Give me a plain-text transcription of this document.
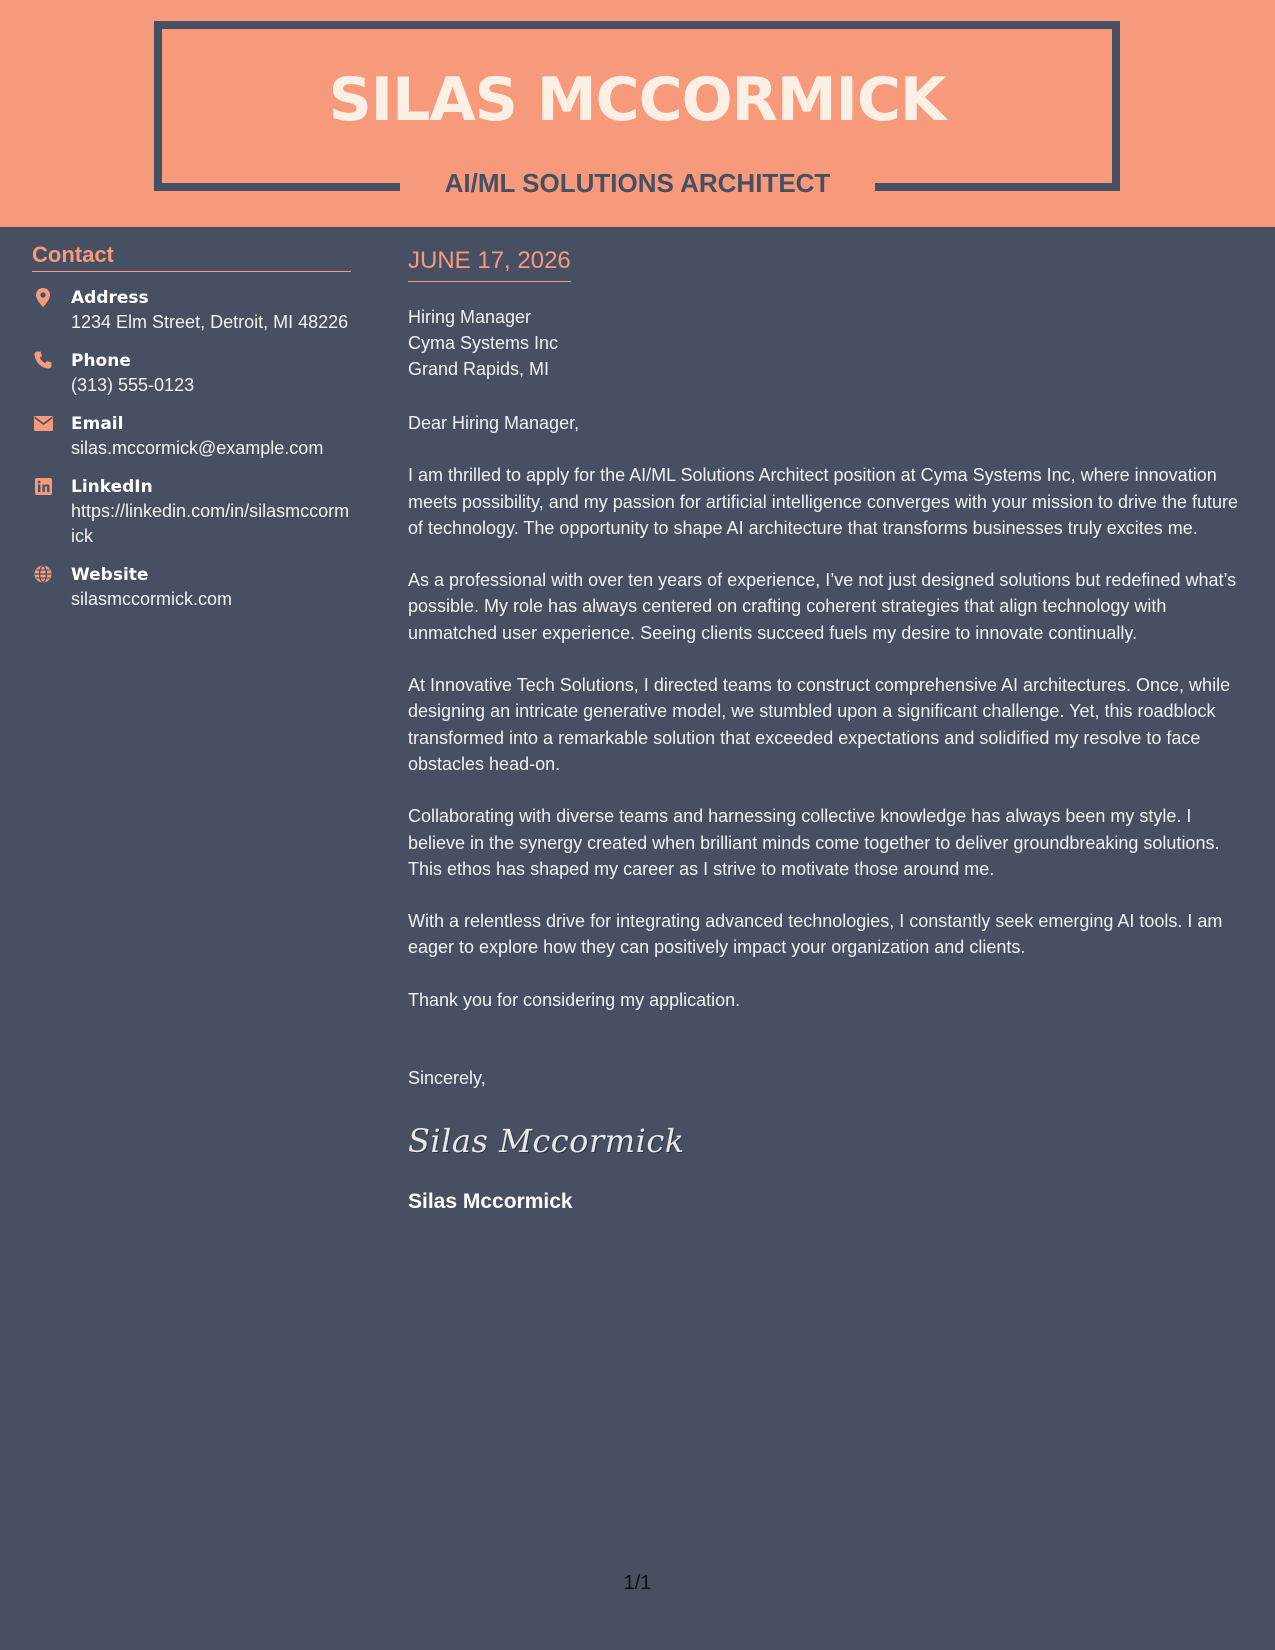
SILAS MCCORMICK
AI/ML SOLUTIONS ARCHITECT
Contact
Address
1234 Elm Street, Detroit, MI 48226
Phone
(313) 555-0123
Email
silas.mccormick@example.com
LinkedIn
https://linkedin.com/in/silasmccormick
Website
silasmccormick.com
JUNE 17, 2026
Hiring Manager
Cyma Systems Inc
Grand Rapids, MI

Dear Hiring Manager,

I am thrilled to apply for the AI/ML Solutions Architect position at Cyma Systems Inc, where innovation meets possibility, and my passion for artificial intelligence converges with your mission to drive the future of technology. The opportunity to shape AI architecture that transforms businesses truly excites me.

As a professional with over ten years of experience, I’ve not just designed solutions but redefined what’s possible. My role has always centered on crafting coherent strategies that align technology with unmatched user experience. Seeing clients succeed fuels my desire to innovate continually.

At Innovative Tech Solutions, I directed teams to construct comprehensive AI architectures. Once, while designing an intricate generative model, we stumbled upon a significant challenge. Yet, this roadblock transformed into a remarkable solution that exceeded expectations and solidified my resolve to face obstacles head-on.

Collaborating with diverse teams and harnessing collective knowledge has always been my style. I believe in the synergy created when brilliant minds come together to deliver groundbreaking solutions. This ethos has shaped my career as I strive to motivate those around me.

With a relentless drive for integrating advanced technologies, I constantly seek emerging AI tools. I am eager to explore how they can positively impact your organization and clients.

Thank you for considering my application.

Sincerely,

Silas Mccormick
Silas Mccormick
1/1
